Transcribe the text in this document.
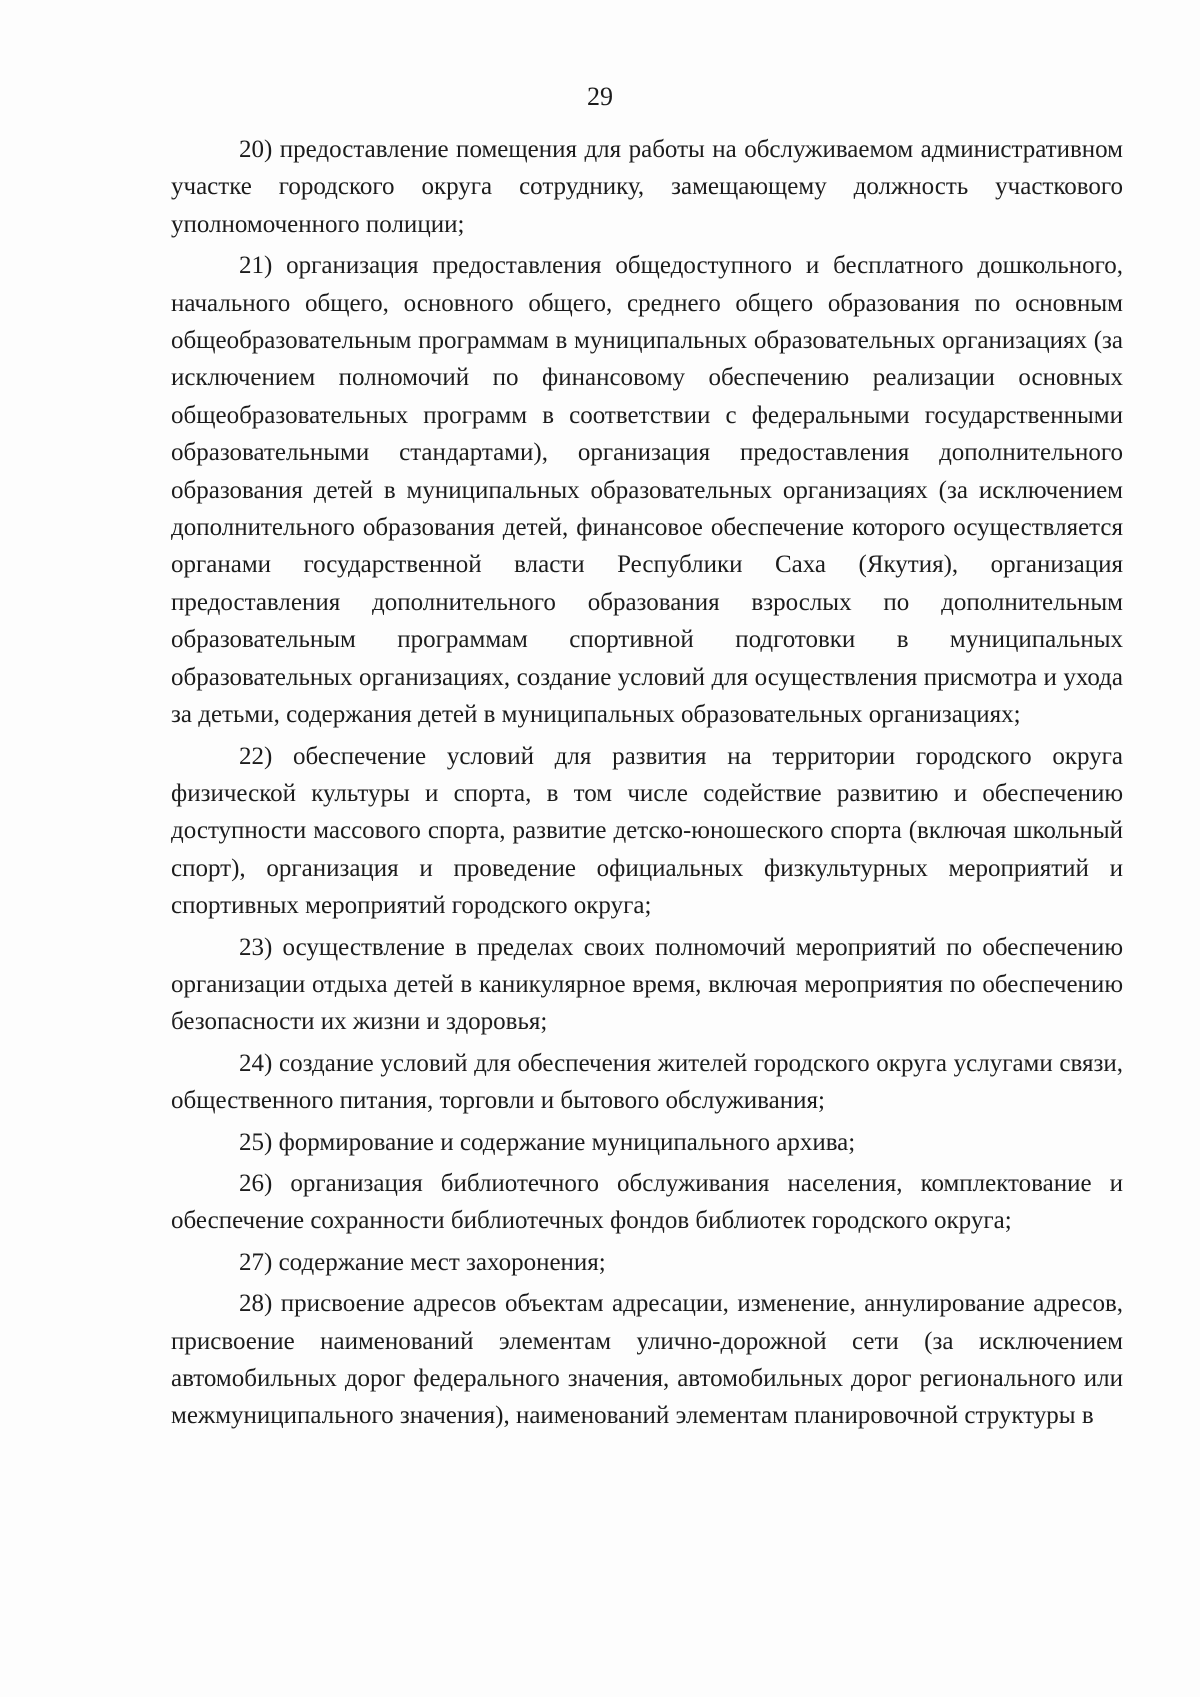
29

20) предоставление помещения для работы на обслуживаемом административном участке городского округа сотруднику, замещающему должность участкового уполномоченного полиции;

21) организация предоставления общедоступного и бесплатного дошкольного, начального общего, основного общего, среднего общего образования по основным общеобразовательным программам в муниципальных образовательных организациях (за исключением полномочий по финансовому обеспечению реализации основных общеобразовательных программ в соответствии с федеральными государственными образовательными стандартами), организация предоставления дополнительного образования детей в муниципальных образовательных организациях (за исключением дополнительного образования детей, финансовое обеспечение которого осуществляется органами государственной власти Республики Саха (Якутия), организация предоставления дополнительного образования взрослых по дополнительным образовательным программам спортивной подготовки в муниципальных образовательных организациях, создание условий для осуществления присмотра и ухода за детьми, содержания детей в муниципальных образовательных организациях;

22) обеспечение условий для развития на территории городского округа физической культуры и спорта, в том числе содействие развитию и обеспечению доступности массового спорта, развитие детско-юношеского спорта (включая школьный спорт), организация и проведение официальных физкультурных мероприятий и спортивных мероприятий городского округа;

23) осуществление в пределах своих полномочий мероприятий по обеспечению организации отдыха детей в каникулярное время, включая мероприятия по обеспечению безопасности их жизни и здоровья;

24) создание условий для обеспечения жителей городского округа услугами связи, общественного питания, торговли и бытового обслуживания;

25) формирование и содержание муниципального архива;

26) организация библиотечного обслуживания населения, комплектование и обеспечение сохранности библиотечных фондов библиотек городского округа;

27) содержание мест захоронения;

28) присвоение адресов объектам адресации, изменение, аннулирование адресов, присвоение наименований элементам улично-дорожной сети (за исключением автомобильных дорог федерального значения, автомобильных дорог регионального или межмуниципального значения), наименований элементам планировочной структуры в
